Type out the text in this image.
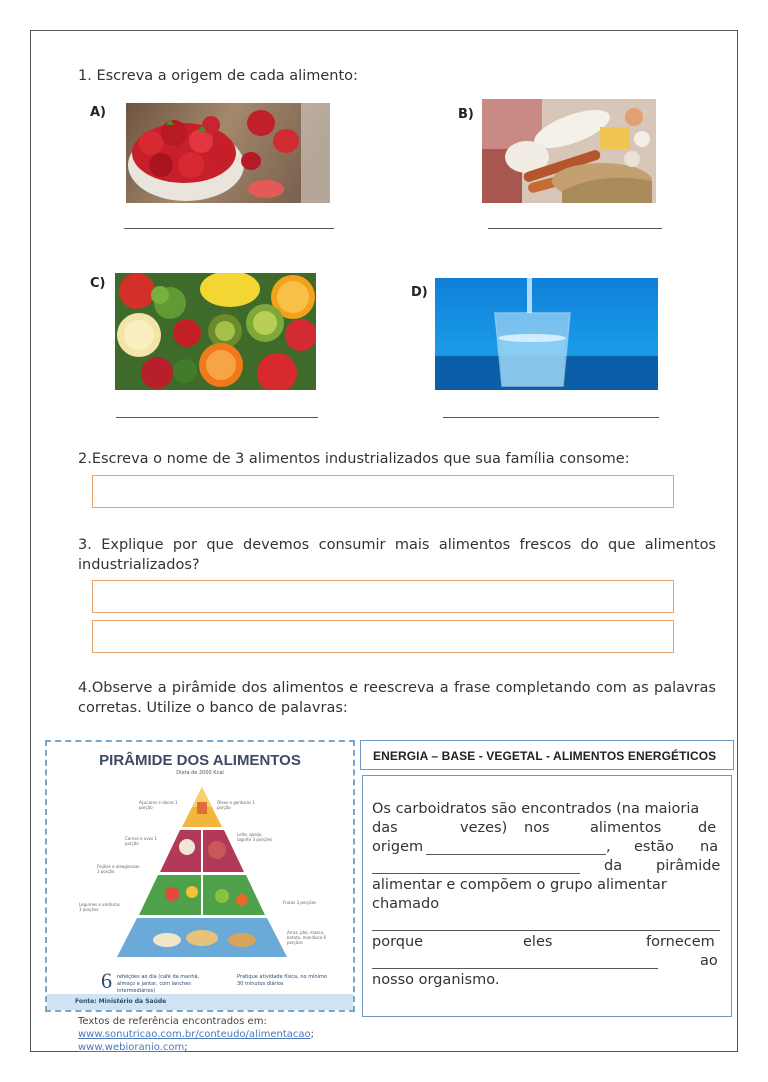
1. Escreva a origem de cada alimento:
A)	B)
C)
D)
2.Escreva o nome de 3 alimentos industrializados que sua família consome:
3. Explique por que devemos consumir mais alimentos frescos do que alimentos industrializados?
4.Observe a pirâmide dos alimentos e reescreva a frase completando com as palavras corretas. Utilize o banco de palavras:
PIRÂMIDE DOS ALIMENTOS
Dieta de 2000 Kcal
Açúcares e doces 1 porção
Óleos e gorduras 1 porção
Carnes e ovos 1 porção
Leite, queijo, iogurte 3 porções
Feijões e oleaginosas 1 porção
Legumes e verduras 3 porções
Frutas 3 porções
Arroz, pão, massa, batata, mandioca 6 porções
6 refeições ao dia (café da manhã, almoço e jantar, com lanches intermediários)
Pratique atividade física, no mínimo 30 minutos diários
Fonte: Ministério da Saúde
ENERGIA – BASE - VEGETAL - ALIMENTOS ENERGÉTICOS
Os carboidratos são encontrados (na maioria
das	vezes) nos	alimentos	de
origem	, estão na
da pirâmide
alimentar e compõem o grupo alimentar
chamado
porque	eles	fornecem
ao
nosso organismo.
Textos de referência encontrados em:
www.sonutricao.com.br/conteudo/alimentacao;
www.webioranio.com;
